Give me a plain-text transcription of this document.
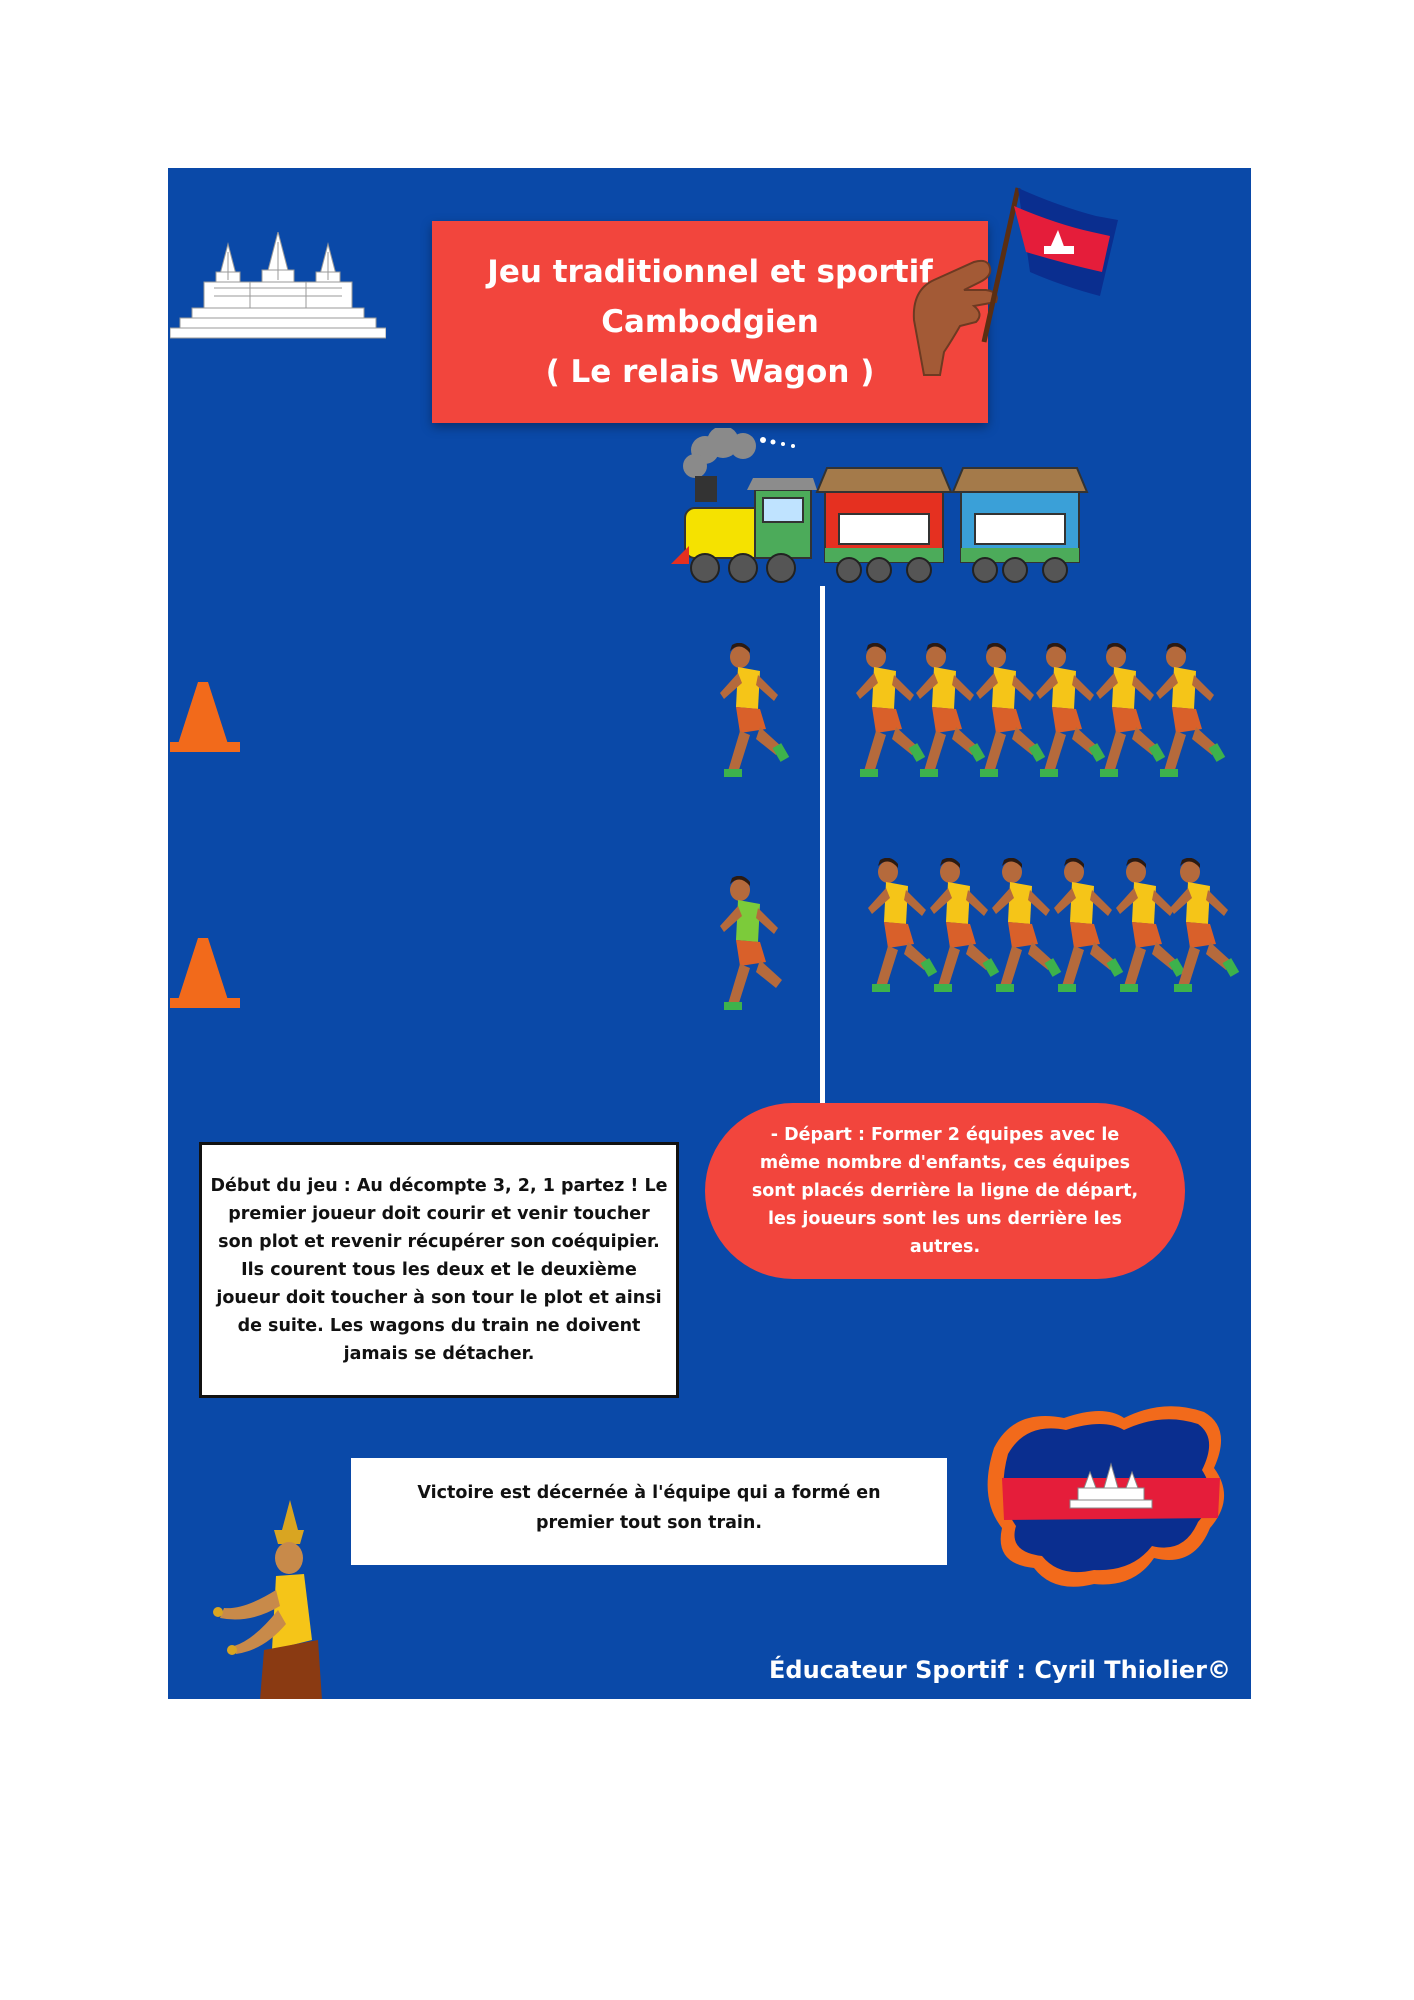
Jeu traditionnel et sportif
Cambodgien
( Le relais Wagon )
- Départ : Former 2 équipes avec le même nombre d'enfants, ces équipes sont placés derrière la ligne de départ, les joueurs sont les uns derrière les autres.
Début du jeu : Au décompte 3, 2, 1 partez ! Le premier joueur doit courir et venir toucher son plot et revenir récupérer son coéquipier. Ils courent tous les deux et le deuxième joueur doit toucher à son tour le plot et ainsi de suite. Les wagons du train ne doivent jamais se détacher.
Victoire est décernée à l'équipe qui a formé en premier tout son train.
Éducateur Sportif : Cyril Thiolier©
